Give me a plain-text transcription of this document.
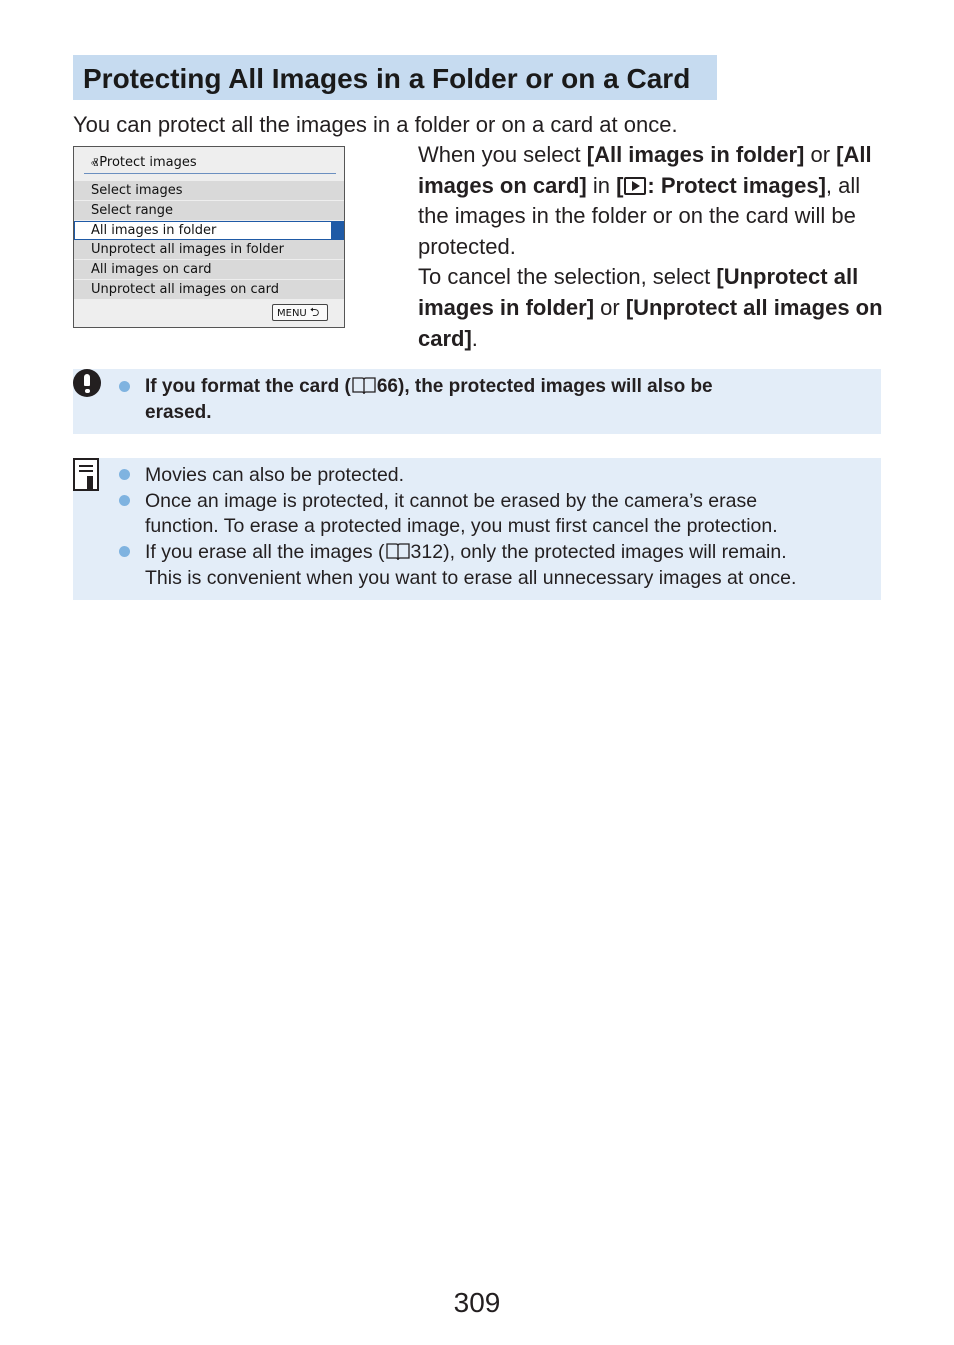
Protecting All Images in a Folder or on a Card
You can protect all the images in a folder or on a card at once.
ⰟProtect images
Select images
Select range
All images in folder
Unprotect all images in folder
All images on card
Unprotect all images on card
MENU ⮌

When you select [All images in folder] or [All images on card] in [ : Protect images], all the images in the folder or on the card will be protected.

To cancel the selection, select [Unprotect all images in folder] or [Unprotect all images on card].

If you format the card ( 66), the protected images will also be
erased.
Movies can also be protected.
Once an image is protected, it cannot be erased by the camera’s erase
function. To erase a protected image, you must first cancel the protection.
If you erase all the images ( 312), only the protected images will remain.
This is convenient when you want to erase all unnecessary images at once.
309
